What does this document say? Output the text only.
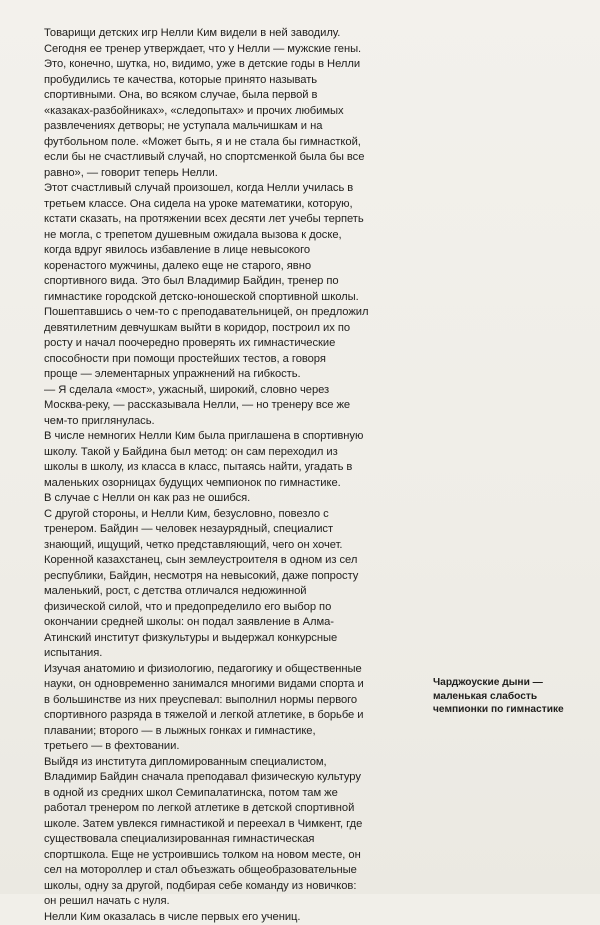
Товарищи детских игр Нелли Ким видели в ней заводилу.
Сегодня ее тренер утверждает, что у Нелли — мужские гены.
Это, конечно, шутка, но, видимо, уже в детские годы в Нелли
пробудились те качества, которые принято называть
спортивными. Она, во всяком случае, была первой в
«казаках-разбойниках», «следопытах» и прочих любимых
развлечениях детворы; не уступала мальчишкам и на
футбольном поле. «Может быть, я и не стала бы гимнасткой,
если бы не счастливый случай, но спортсменкой была бы все
равно», — говорит теперь Нелли.
Этот счастливый случай произошел, когда Нелли училась в
третьем классе. Она сидела на уроке математики, которую,
кстати сказать, на протяжении всех десяти лет учебы терпеть
не могла, с трепетом душевным ожидала вызова к доске,
когда вдруг явилось избавление в лице невысокого
коренастого мужчины, далеко еще не старого, явно
спортивного вида. Это был Владимир Байдин, тренер по
гимнастике городской детско-юношеской спортивной школы.
Пошептавшись о чем-то с преподавательницей, он предложил
девятилетним девчушкам выйти в коридор, построил их по
росту и начал поочередно проверять их гимнастические
способности при помощи простейших тестов, а говоря
проще — элементарных упражнений на гибкость.
— Я сделала «мост», ужасный, широкий, словно через
Москва-реку, — рассказывала Нелли, — но тренеру все же
чем-то приглянулась.
В числе немногих Нелли Ким была приглашена в спортивную
школу. Такой у Байдина был метод: он сам переходил из
школы в школу, из класса в класс, пытаясь найти, угадать в
маленьких озорницах будущих чемпионок по гимнастике.
В случае с Нелли он как раз не ошибся.
С другой стороны, и Нелли Ким, безусловно, повезло с
тренером. Байдин — человек незаурядный, специалист
знающий, ищущий, четко представляющий, чего он хочет.
Коренной казахстанец, сын землеустроителя в одном из сел
республики, Байдин, несмотря на невысокий, даже попросту
маленький, рост, с детства отличался недюжинной
физической силой, что и предопределило его выбор по
окончании средней школы: он подал заявление в Алма-
Атинский институт физкультуры и выдержал конкурсные
испытания.
Изучая анатомию и физиологию, педагогику и общественные
науки, он одновременно занимался многими видами спорта и
в большинстве из них преуспевал: выполнил нормы первого
спортивного разряда в тяжелой и легкой атлетике, в борьбе и
плавании; второго — в лыжных гонках и гимнастике,
третьего — в фехтовании.
Выйдя из института дипломированным специалистом,
Владимир Байдин сначала преподавал физическую культуру
в одной из средних школ Семипалатинска, потом там же
работал тренером по легкой атлетике в детской спортивной
школе. Затем увлекся гимнастикой и переехал в Чимкент, где
существовала специализированная гимнастическая
спортшкола. Еще не устроившись толком на новом месте, он
сел на мотороллер и стал объезжать общеобразовательные
школы, одну за другой, подбирая себе команду из новичков:
он решил начать с нуля.
Нелли Ким оказалась в числе первых его учениц.
Чарджоуские дыни —
маленькая слабость
чемпионки по гимнастике
